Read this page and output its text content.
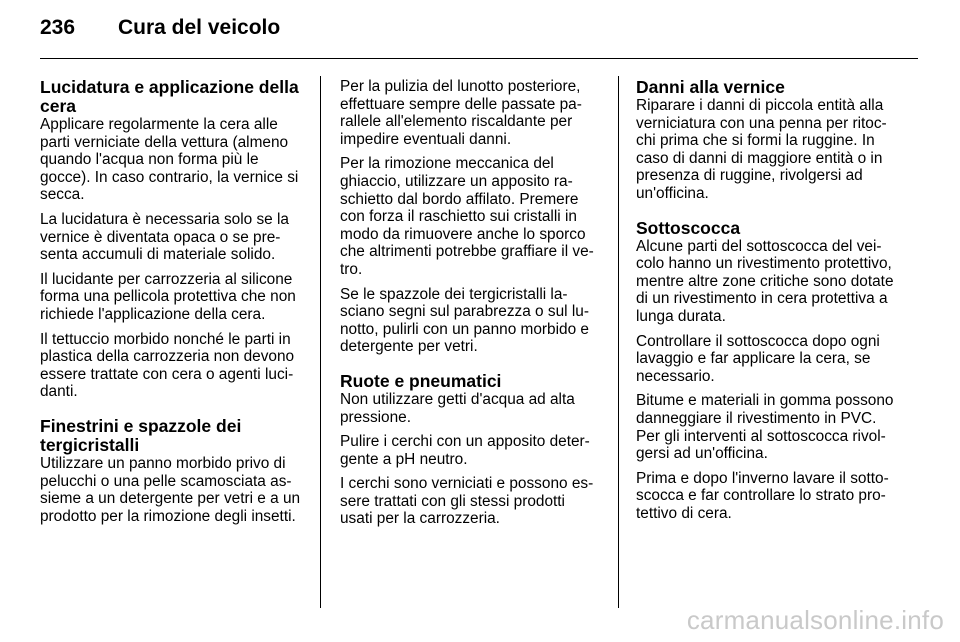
236 Cura del veicolo
Lucidatura e applicazione della
cera

Applicare regolarmente la cera alle
parti verniciate della vettura (almeno
quando l'acqua non forma più le
gocce). In caso contrario, la vernice si
secca.

La lucidatura è necessaria solo se la
vernice è diventata opaca o se pre-
senta accumuli di materiale solido.

Il lucidante per carrozzeria al silicone
forma una pellicola protettiva che non
richiede l'applicazione della cera.

Il tettuccio morbido nonché le parti in
plastica della carrozzeria non devono
essere trattate con cera o agenti luci-
danti.

Finestrini e spazzole dei
tergicristalli

Utilizzare un panno morbido privo di
pelucchi o una pelle scamosciata as-
sieme a un detergente per vetri e a un
prodotto per la rimozione degli insetti.

Per la pulizia del lunotto posteriore,
effettuare sempre delle passate pa-
rallele all'elemento riscaldante per
impedire eventuali danni.

Per la rimozione meccanica del
ghiaccio, utilizzare un apposito ra-
schietto dal bordo affilato. Premere
con forza il raschietto sui cristalli in
modo da rimuovere anche lo sporco
che altrimenti potrebbe graffiare il ve-
tro.

Se le spazzole dei tergicristalli la-
sciano segni sul parabrezza o sul lu-
notto, pulirli con un panno morbido e
detergente per vetri.

Ruote e pneumatici

Non utilizzare getti d'acqua ad alta
pressione.

Pulire i cerchi con un apposito deter-
gente a pH neutro.

I cerchi sono verniciati e possono es-
sere trattati con gli stessi prodotti
usati per la carrozzeria.

Danni alla vernice

Riparare i danni di piccola entità alla
verniciatura con una penna per ritoc-
chi prima che si formi la ruggine. In
caso di danni di maggiore entità o in
presenza di ruggine, rivolgersi ad
un'officina.

Sottoscocca

Alcune parti del sottoscocca del vei-
colo hanno un rivestimento protettivo,
mentre altre zone critiche sono dotate
di un rivestimento in cera protettiva a
lunga durata.

Controllare il sottoscocca dopo ogni
lavaggio e far applicare la cera, se
necessario.

Bitume e materiali in gomma possono
danneggiare il rivestimento in PVC.
Per gli interventi al sottoscocca rivol-
gersi ad un'officina.

Prima e dopo l'inverno lavare il sotto-
scocca e far controllare lo strato pro-
tettivo di cera.

carmanualsonline.info
